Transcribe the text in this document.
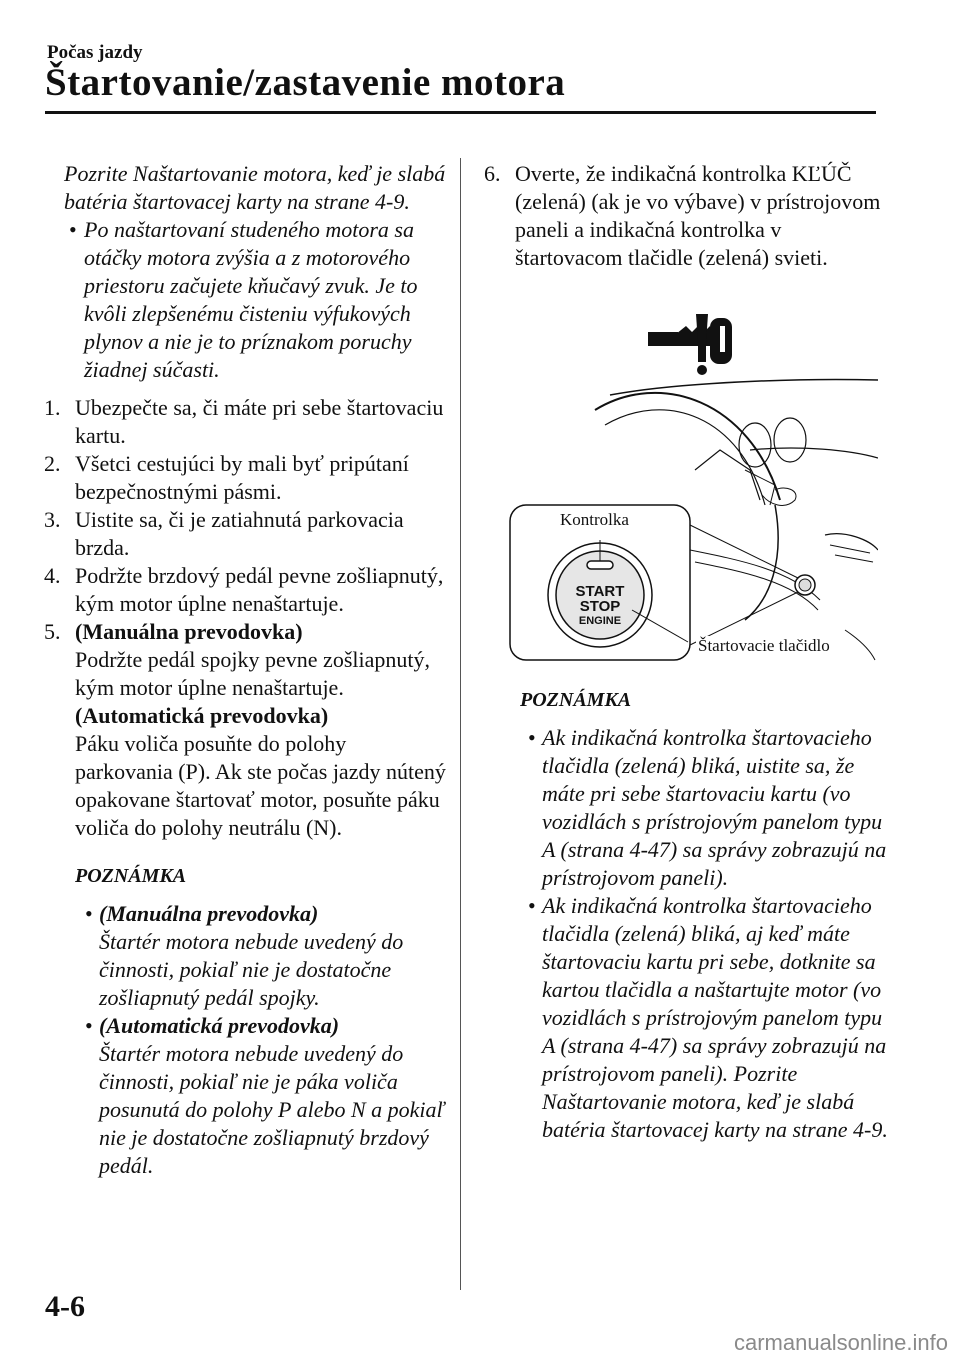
Počas jazdy
Štartovanie/zastavenie motora

Pozrite Naštartovanie motora, keď je slabá batéria štartovacej karty na strane 4-9.

• Po naštartovaní studeného motora sa otáčky motora zvýšia a z motorového priestoru začujete kňučavý zvuk. Je to kvôli zlepšenému čisteniu výfukových plynov a nie je to príznakom poruchy žiadnej súčasti.
1. Ubezpečte sa, či máte pri sebe štartovaciu kartu.
2. Všetci cestujúci by mali byť pripútaní bezpečnostnými pásmi.
3. Uistite sa, či je zatiahnutá parkovacia brzda.
4. Podržte brzdový pedál pevne zošliapnutý, kým motor úplne nenaštartuje.
5. (Manuálna prevodovka)
Podržte pedál spojky pevne zošliapnutý, kým motor úplne nenaštartuje.
(Automatická prevodovka)
Páku voliča posuňte do polohy parkovania (P). Ak ste počas jazdy nútený opakovane štartovať motor, posuňte páku voliča do polohy neutrálu (N).
POZNÁMKA
• (Manuálna prevodovka)
Štartér motora nebude uvedený do činnosti, pokiaľ nie je dostatočne zošliapnutý pedál spojky.
• (Automatická prevodovka)
Štartér motora nebude uvedený do činnosti, pokiaľ nie je páka voliča posunutá do polohy P alebo N a pokiaľ nie je dostatočne zošliapnutý brzdový pedál.
6. Overte, že indikačná kontrolka KĽÚČ (zelená) (ak je vo výbave) v prístrojovom paneli a indikačná kontrolka v štartovacom tlačidle (zelená) svieti.
START
STOP
ENGINE
Kontrolka
Štartovacie tlačidlo
POZNÁMKA
• Ak indikačná kontrolka štartovacieho tlačidla (zelená) bliká, uistite sa, že máte pri sebe štartovaciu kartu (vo vozidlách s prístrojovým panelom typu A (strana 4-47) sa správy zobrazujú na prístrojovom paneli).
• Ak indikačná kontrolka štartovacieho tlačidla (zelená) bliká, aj keď máte štartovaciu kartu pri sebe, dotknite sa kartou tlačidla a naštartujte motor (vo vozidlách s prístrojovým panelom typu A (strana 4-47) sa správy zobrazujú na prístrojovom paneli). Pozrite Naštartovanie motora, keď je slabá batéria štartovacej karty na strane 4-9.
4-6
carmanualsonline.info
